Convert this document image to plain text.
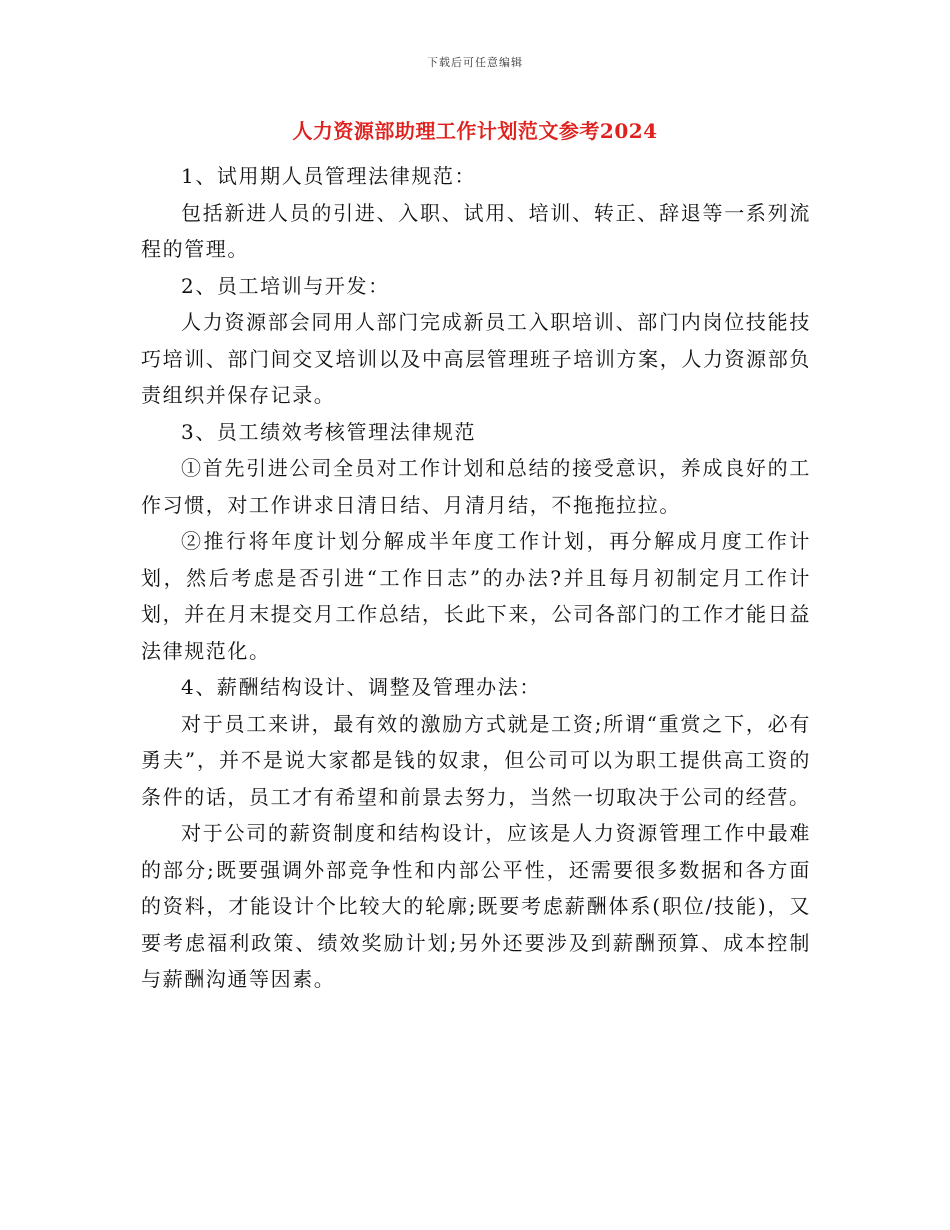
下载后可任意编辑
人力资源部助理工作计划范文参考2024

1、试用期人员管理法律规范：

包括新进人员的引进、入职、试用、培训、转正、辞退等一系列流程的管理。

2、员工培训与开发：

人力资源部会同用人部门完成新员工入职培训、部门内岗位技能技巧培训、部门间交叉培训以及中高层管理班子培训方案，人力资源部负责组织并保存记录。

3、员工绩效考核管理法律规范

①首先引进公司全员对工作计划和总结的接受意识，养成良好的工作习惯，对工作讲求日清日结、月清月结，不拖拖拉拉。

②推行将年度计划分解成半年度工作计划，再分解成月度工作计划，然后考虑是否引进“工作日志”的办法?并且每月初制定月工作计划，并在月末提交月工作总结，长此下来，公司各部门的工作才能日益法律规范化。

4、薪酬结构设计、调整及管理办法：

对于员工来讲，最有效的激励方式就是工资;所谓“重赏之下，必有勇夫”，并不是说大家都是钱的奴隶，但公司可以为职工提供高工资的条件的话，员工才有希望和前景去努力，当然一切取决于公司的经营。

对于公司的薪资制度和结构设计，应该是人力资源管理工作中最难的部分;既要强调外部竞争性和内部公平性，还需要很多数据和各方面的资料，才能设计个比较大的轮廓;既要考虑薪酬体系(职位/技能)，又要考虑福利政策、绩效奖励计划;另外还要涉及到薪酬预算、成本控制与薪酬沟通等因素。
